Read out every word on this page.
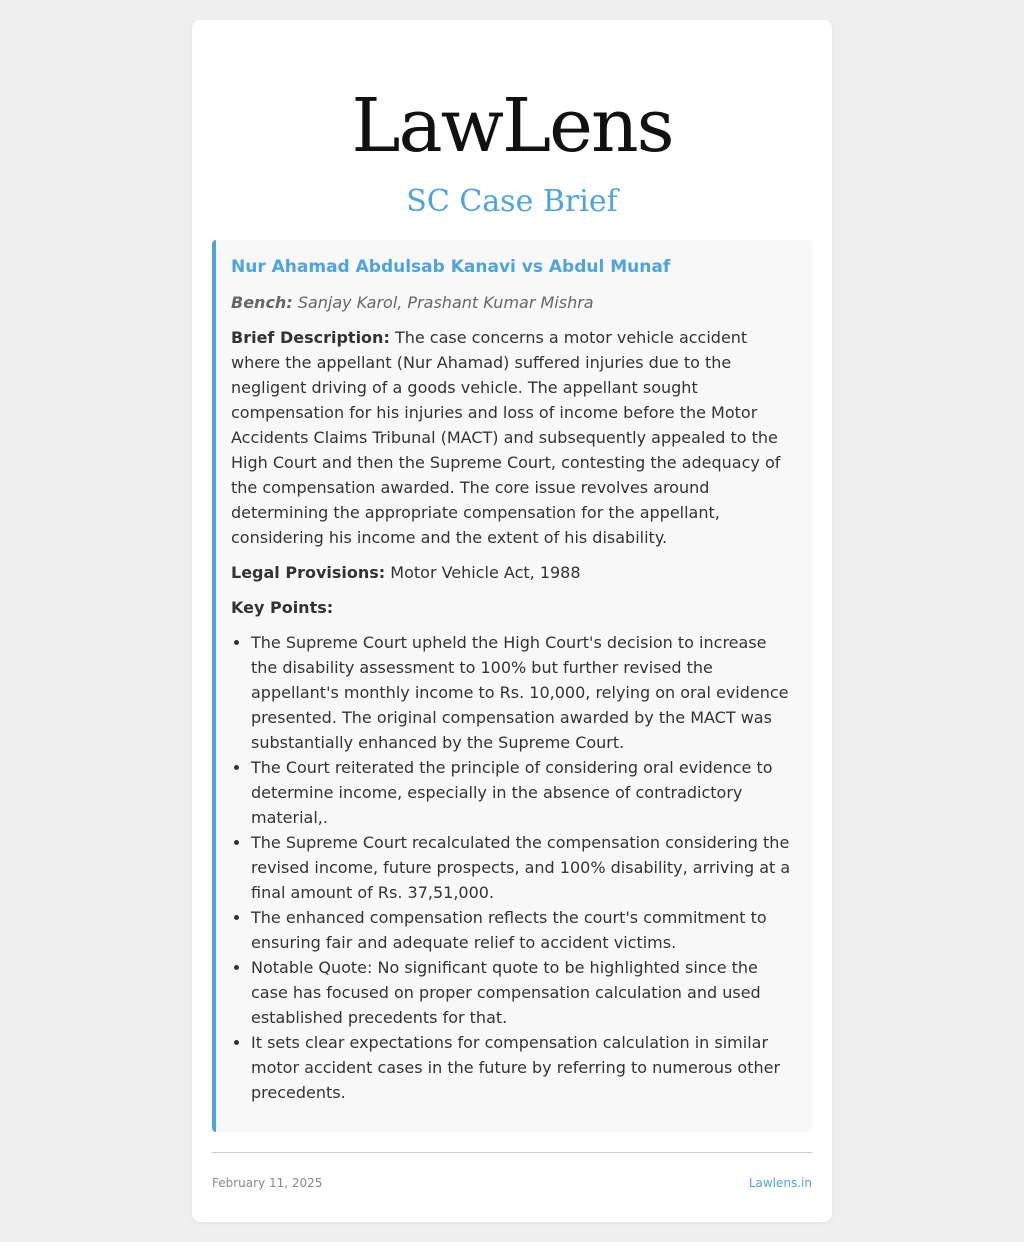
LawLens
SC Case Brief
Nur Ahamad Abdulsab Kanavi vs Abdul Munaf

Bench: Sanjay Karol, Prashant Kumar Mishra

Brief Description: The case concerns a motor vehicle accident where the appellant (Nur Ahamad) suffered injuries due to the negligent driving of a goods vehicle. The appellant sought compensation for his injuries and loss of income before the Motor Accidents Claims Tribunal (MACT) and subsequently appealed to the High Court and then the Supreme Court, contesting the adequacy of the compensation awarded. The core issue revolves around determining the appropriate compensation for the appellant, considering his income and the extent of his disability.

Legal Provisions: Motor Vehicle Act, 1988

Key Points:

• The Supreme Court upheld the High Court's decision to increase the disability assessment to 100% but further revised the appellant's monthly income to Rs. 10,000, relying on oral evidence presented. The original compensation awarded by the MACT was substantially enhanced by the Supreme Court.
• The Court reiterated the principle of considering oral evidence to determine income, especially in the absence of contradictory material,.
• The Supreme Court recalculated the compensation considering the revised income, future prospects, and 100% disability, arriving at a final amount of Rs. 37,51,000.
• The enhanced compensation reflects the court's commitment to ensuring fair and adequate relief to accident victims.
• Notable Quote: No significant quote to be highlighted since the case has focused on proper compensation calculation and used established precedents for that.
• It sets clear expectations for compensation calculation in similar motor accident cases in the future by referring to numerous other precedents.
February 11, 2025	Lawlens.in
